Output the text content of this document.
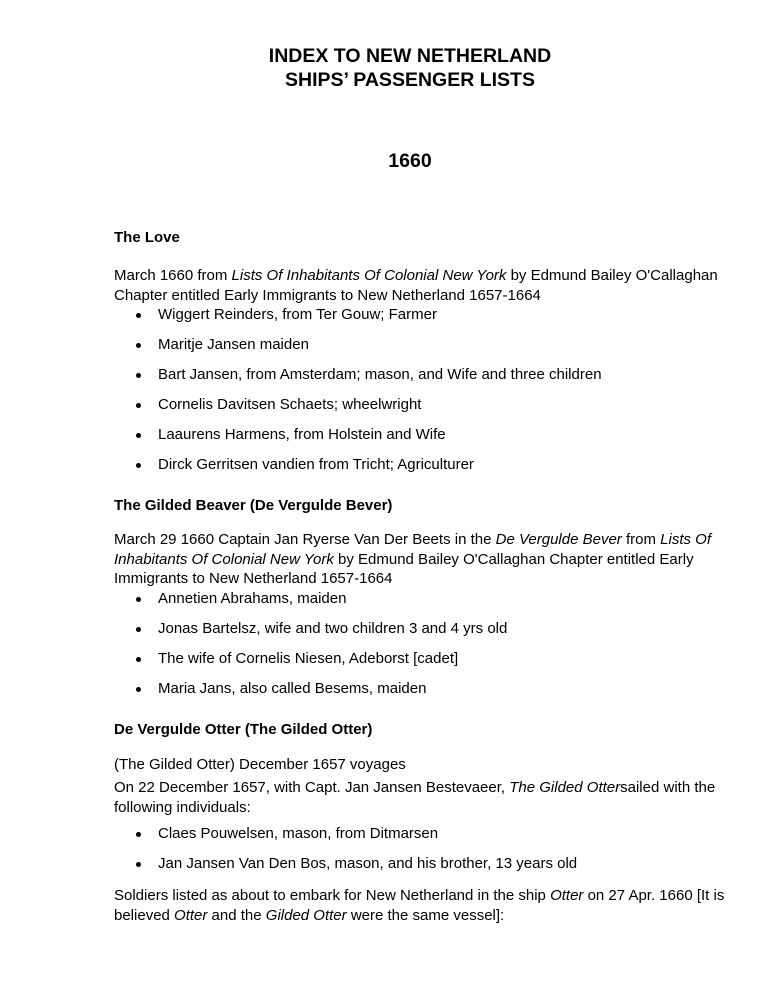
INDEX TO NEW NETHERLAND
SHIPS’ PASSENGER LISTS
1660
The Love
March 1660 from Lists Of Inhabitants Of Colonial New York by Edmund Bailey O'Callaghan Chapter entitled Early Immigrants to New Netherland 1657-1664
Wiggert Reinders, from Ter Gouw; Farmer
Maritje Jansen maiden
Bart Jansen, from Amsterdam; mason, and Wife and three children
Cornelis Davitsen Schaets; wheelwright
Laaurens Harmens, from Holstein and Wife
Dirck Gerritsen vandien from Tricht; Agriculturer
The Gilded Beaver (De Vergulde Bever)
March 29 1660 Captain Jan Ryerse Van Der Beets in the De Vergulde Bever from Lists Of Inhabitants Of Colonial New York by Edmund Bailey O'Callaghan Chapter entitled Early Immigrants to New Netherland 1657-1664
Annetien Abrahams, maiden
Jonas Bartelsz, wife and two children 3 and 4 yrs old
The wife of Cornelis Niesen, Adeborst [cadet]
Maria Jans, also called Besems, maiden
De Vergulde Otter (The Gilded Otter)
(The Gilded Otter) December 1657 voyages
On 22 December 1657, with Capt. Jan Jansen Bestevaeer, The Gilded Ottersailed with the following individuals:
Claes Pouwelsen, mason, from Ditmarsen
Jan Jansen Van Den Bos, mason, and his brother, 13 years old
Soldiers listed as about to embark for New Netherland in the ship Otter on 27 Apr. 1660 [It is believed Otter and the Gilded Otter were the same vessel]:
